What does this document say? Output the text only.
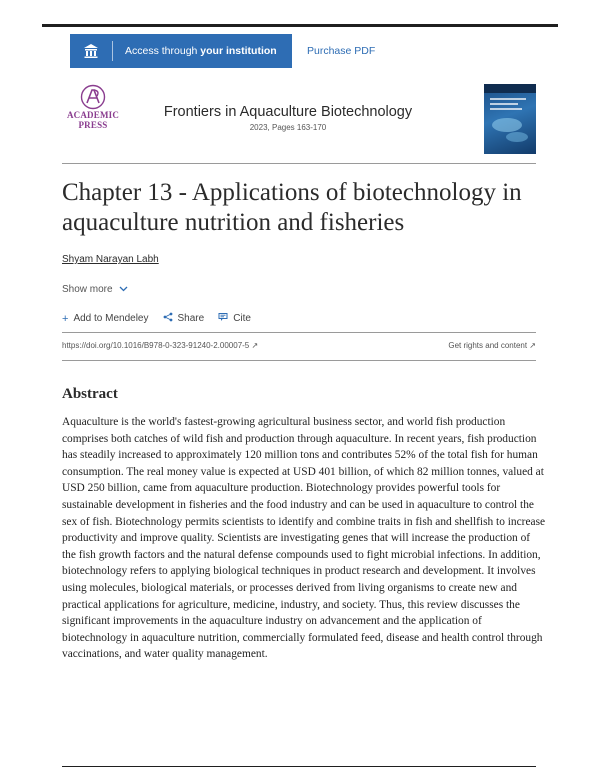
Access through your institution	Purchase PDF
ACADEMIC
PRESS
Frontiers in Aquaculture Biotechnology
2023, Pages 163-170
Chapter 13 - Applications of biotechnology in aquaculture nutrition and fisheries
Shyam Narayan Labh
Show more
+ Add to Mendeley	Share	Cite
https://doi.org/10.1016/B978-0-323-91240-2.00007-5 ↗	Get rights and content ↗
Abstract

Aquaculture is the world's fastest-growing agricultural business sector, and world fish production comprises both catches of wild fish and production through aquaculture. In recent years, fish production has steadily increased to approximately 120 million tons and contributes 52% of the total fish for human consumption. The real money value is expected at USD 401 billion, of which 82 million tonnes, valued at USD 250 billion, came from aquaculture production. Biotechnology provides powerful tools for sustainable development in fisheries and the food industry and can be used in aquaculture to control the sex of fish. Biotechnology permits scientists to identify and combine traits in fish and shellfish to increase productivity and improve quality. Scientists are investigating genes that will increase the production of the fish growth factors and the natural defense compounds used to fight microbial infections. In addition, biotechnology refers to applying biological techniques in product research and development. It involves using molecules, biological materials, or processes derived from living organisms to create new and practical applications for agriculture, medicine, industry, and society. Thus, this review discusses the significant improvements in the aquaculture industry on advancement and the application of biotechnology in aquaculture nutrition, commercially formulated feed, disease and health control through vaccinations, and water quality management.
